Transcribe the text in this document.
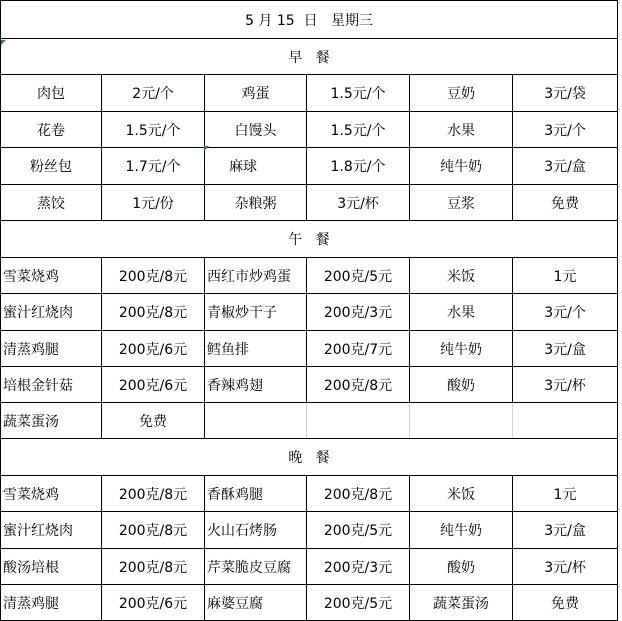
5 月 15  日   星期三					
早   餐					
肉包	2元/个	鸡蛋	1.5元/个	豆奶	3元/袋
花卷	1.5元/个	白馒头	1.5元/个	水果	3元/个
粉丝包	1.7元/个	麻球	1.8元/个	纯牛奶	3元/盒
蒸饺	1元/份	杂粮粥	3元/杯	豆浆	免费
午   餐					
雪菜烧鸡	200克/8元	西红市炒鸡蛋	200克/5元	米饭	1元
蜜汁红烧肉	200克/8元	青椒炒干子	200克/3元	水果	3元/个
清蒸鸡腿	200克/6元	鳕鱼排	200克/7元	纯牛奶	3元/盒
培根金针菇	200克/6元	香辣鸡翅	200克/8元	酸奶	3元/杯
蔬菜蛋汤	免费				
晚   餐					
雪菜烧鸡	200克/8元	香酥鸡腿	200克/8元	米饭	1元
蜜汁红烧肉	200克/8元	火山石烤肠	200克/5元	纯牛奶	3元/盒
酸汤培根	200克/8元	芹菜脆皮豆腐	200克/3元	酸奶	3元/杯
清蒸鸡腿	200克/6元	麻婆豆腐	200克/5元	蔬菜蛋汤	免费
